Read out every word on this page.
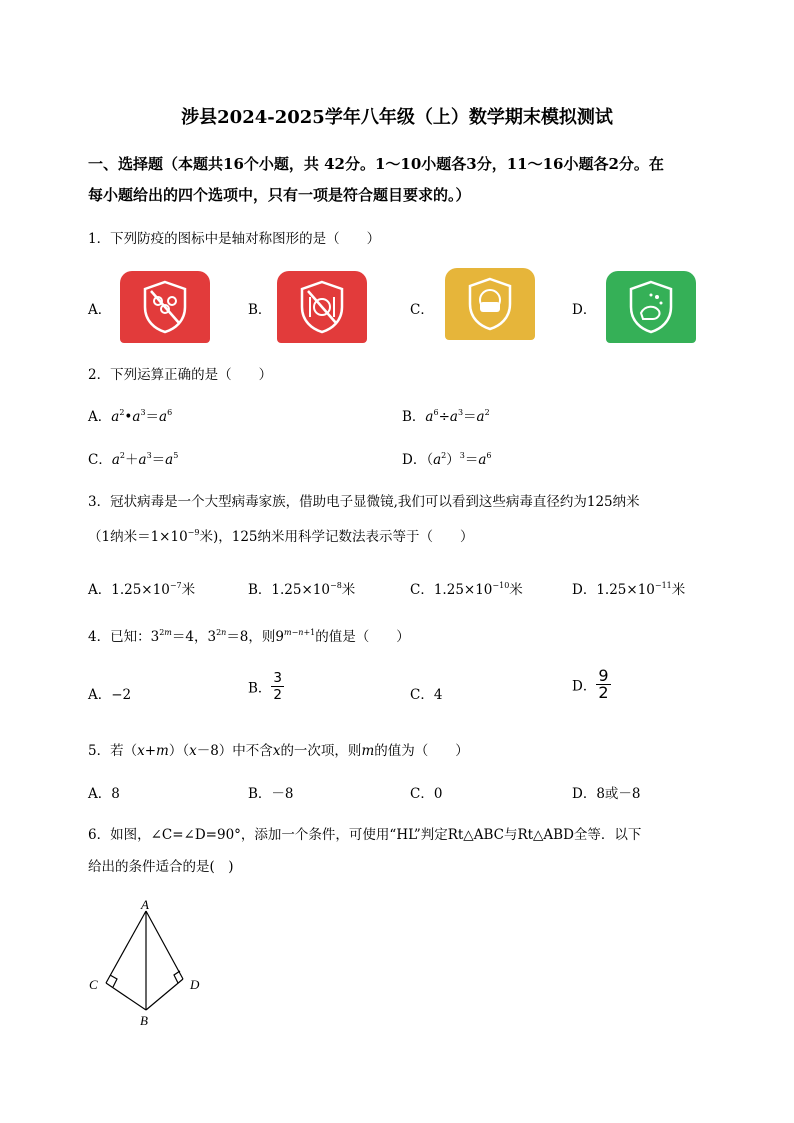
涉县2024-2025学年八年级（上）数学期末模拟测试
一、选择题（本题共16个小题，共 42分。1～10小题各3分，11～16小题各2分。在
每小题给出的四个选项中，只有一项是符合题目要求的。）
1．下列防疫的图标中是轴对称图形的是（　　）
A．	B．	C．	D．
2．下列运算正确的是（　　）
A．$a^2•a^3=a^6$	B．$a^6\div a^3=a^2$
C．$a^2+a^3=a^5$	D．$(a^2)^3=a^6$
3．冠状病毒是一个大型病毒家族，借助电子显微镜,我们可以看到这些病毒直径约为125纳米
（1纳米$=1\times 10^{-9}$米)，125纳米用科学记数法表示等于（　　）
A．$1.25\times 10^{-7}$米	B．$1.25\times 10^{-8}$米	C．$1.25\times 10^{-10}$米	D．$1.25\times 10^{-11}$米
4．已知：$3^{2m}=4$，$3^{2n}=8$，则$9^{m-n+1}$的值是（　　）
A．−2	B． $\frac{3}{2}$	C．4
D． $\frac{9}{2}$
5．若（x+m）（x－8）中不含x的一次项，则m的值为（　　）
A．8	B．－8	C．0	D．8或－8
6．如图，∠C=∠D=90°，添加一个条件，可使用“HL”判定Rt△ABC与Rt△ABD全等．以下
给出的条件适合的是(　)
A
C	D
B
